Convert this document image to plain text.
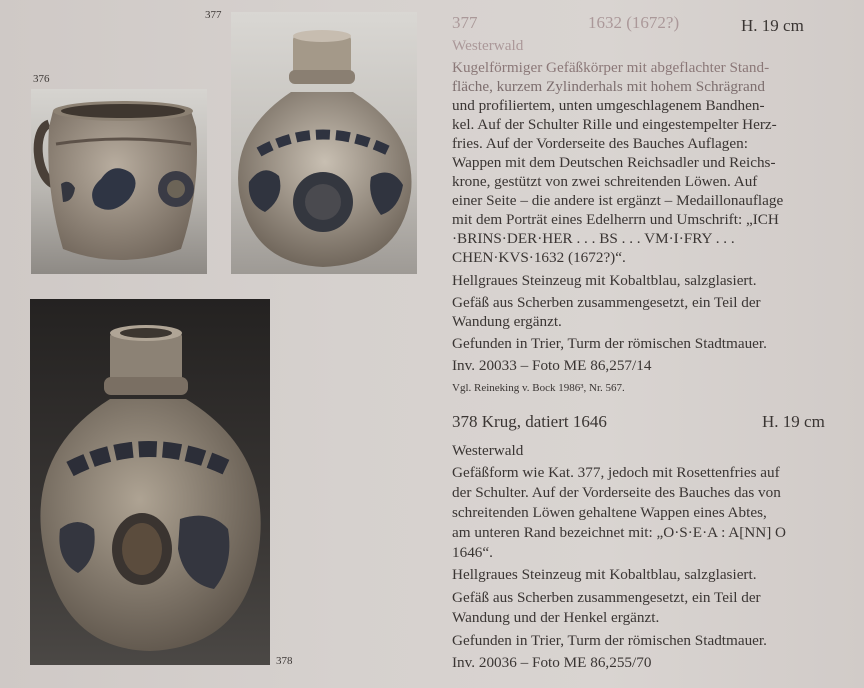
376
377
378
377	1632 (1672?)	H. 19 cm
Westerwald
Kugelförmiger Gefäßkörper mit abgeflachter Stand-
fläche, kurzem Zylinderhals mit hohem Schrägrand
und profiliertem, unten umgeschlagenem Bandhen-
kel. Auf der Schulter Rille und eingestempelter Herz-
fries. Auf der Vorderseite des Bauches Auflagen:
Wappen mit dem Deutschen Reichsadler und Reichs-
krone, gestützt von zwei schreitenden Löwen. Auf
einer Seite – die andere ist ergänzt – Medaillonauflage
mit dem Porträt eines Edelherrn und Umschrift: „ICH
·BRINS·DER·HER . . . BS . . . VM·I·FRY . . .
CHEN·KVS·1632 (1672?)“.
Hellgraues Steinzeug mit Kobaltblau, salzglasiert.
Gefäß aus Scherben zusammengesetzt, ein Teil der
Wandung ergänzt.
Gefunden in Trier, Turm der römischen Stadtmauer.
Inv. 20033 – Foto ME 86,257/14
Vgl. Reineking v. Bock 1986³, Nr. 567.
378 Krug, datiert 1646	H. 19 cm
Westerwald
Gefäßform wie Kat. 377, jedoch mit Rosettenfries auf
der Schulter. Auf der Vorderseite des Bauches das von
schreitenden Löwen gehaltene Wappen eines Abtes,
am unteren Rand bezeichnet mit: „O·S·E·A : A[NN] O
1646“.
Hellgraues Steinzeug mit Kobaltblau, salzglasiert.
Gefäß aus Scherben zusammengesetzt, ein Teil der
Wandung und der Henkel ergänzt.
Gefunden in Trier, Turm der römischen Stadtmauer.
Inv. 20036 – Foto ME 86,255/70
